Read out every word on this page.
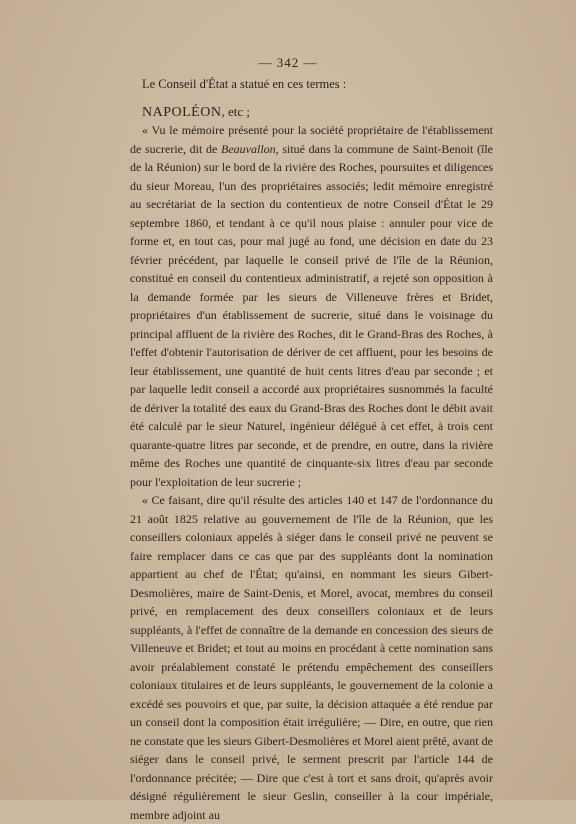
— 342 —
Le Conseil d'État a statué en ces termes :
NAPOLÉON, etc ;

« Vu le mémoire présenté pour la société propriétaire de l'établissement de sucrerie, dit de Beauvallon, situé dans la commune de Saint-Benoit (île de la Réunion) sur le bord de la rivière des Roches, poursuites et diligences du sieur Moreau, l'un des propriétaires associés; ledit mémoire enregistré au secrétariat de la section du contentieux de notre Conseil d'État le 29 septembre 1860, et tendant à ce qu'il nous plaise : annuler pour vice de forme et, en tout cas, pour mal jugé au fond, une décision en date du 23 février précédent, par laquelle le conseil privé de l'île de la Réunion, constitué en conseil du contentieux administratif, a rejeté son opposition à la demande formée par les sieurs de Villeneuve frères et Bridet, propriétaires d'un établissement de sucrerie, situé dans le voisinage du principal affluent de la rivière des Roches, dit le Grand-Bras des Roches, à l'effet d'obtenir l'autorisation de dériver de cet affluent, pour les besoins de leur établissement, une quantité de huit cents litres d'eau par seconde ; et par laquelle ledit conseil a accordé aux propriétaires susnommés la faculté de dériver la totalité des eaux du Grand-Bras des Roches dont le débit avait été calculé par le sieur Naturel, ingénieur délégué à cet effet, à trois cent quarante-quatre litres par seconde, et de prendre, en outre, dans la rivière même des Roches une quantité de cinquante-six litres d'eau par seconde pour l'exploitation de leur sucrerie ;

« Ce faisant, dire qu'il résulte des articles 140 et 147 de l'ordonnance du 21 août 1825 relative au gouvernement de l'île de la Réunion, que les conseillers coloniaux appelés à siéger dans le conseil privé ne peuvent se faire remplacer dans ce cas que par des suppléants dont la nomination appartient au chef de l'État; qu'ainsi, en nommant les sieurs Gibert-Desmolières, maire de Saint-Denis, et Morel, avocat, membres du conseil privé, en remplacement des deux conseillers coloniaux et de leurs suppléants, à l'effet de connaître de la demande en concession des sieurs de Villeneuve et Bridet; et tout au moins en procédant à cette nomination sans avoir préalablement constaté le prétendu empêchement des conseillers coloniaux titulaires et de leurs suppléants, le gouvernement de la colonie a excédé ses pouvoirs et que, par suite, la décision attaquée a été rendue par un conseil dont la composition était irrégulière; — Dire, en outre, que rien ne constate que les sieurs Gibert-Desmolières et Morel aient prêté, avant de siéger dans le conseil privé, le serment prescrit par l'article 144 de l'ordonnance précitée; — Dire que c'est à tort et sans droit, qu'après avoir désigné régulièrement le sieur Geslin, conseiller à la cour impériale, membre adjoint au
